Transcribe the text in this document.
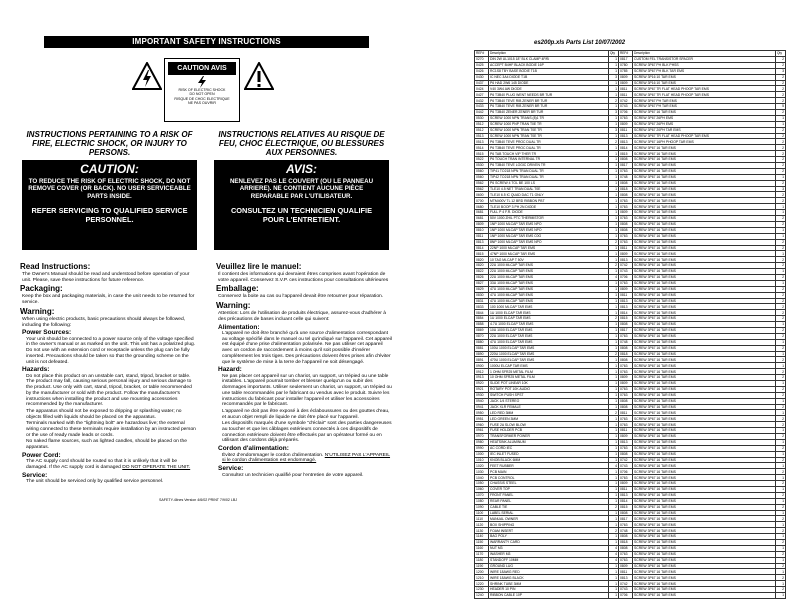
IMPORTANT SAFETY INSTRUCTIONS
CAUTION AVIS
RISK OF ELECTRIC SHOCK
DO NOT OPEN
RISQUE DE CHOC ELECTRIQUE
NE PAS OUVRIR
INSTRUCTIONS PERTAINING TO A RISK OF FIRE, ELECTRIC SHOCK, OR INJURY TO PERSONS.
INSTRUCTIONS RELATIVES AU RISQUE DE FEU, CHOC ÉLECTRIQUE, OU BLESSURES AUX PERSONNES.
CAUTION:
TO REDUCE THE RISK OF ELECTRIC SHOCK, DO NOT REMOVE COVER (OR BACK). NO USER SERVICEABLE PARTS INSIDE.
REFER SERVICING TO QUALIFIED SERVICE PERSONNEL.
AVIS:
NENLEVEZ PAS LE COUVERT (OU LE PANNEAU ARRIERE). NE CONTIENT AUCUNE PIÈCE REPARABLE PAR L'UTILISATEUR.
CONSULTEZ UN TECHNICIEN QUALIFIE POUR L'ENTRETIENT.
Read Instructions:
The Owner's Manual should be read and understood before operation of your unit. Please, save these instructions for future reference.
Packaging:
Keep the box and packaging materials, in case the unit needs to be returned for service.
Warning:
When using electric products, basic precautions should always be followed, including the following:
Power Sources:
Your unit should be connected to a power source only of the voltage specified in the owner's manual or as marked on the unit. This unit has a polarized plug. Do not use with an extension cord or receptacle unless the plug can be fully inserted. Precautions should be taken so that the grounding scheme on the unit is not defeated.
Hazards:
Do not place this product on an unstable cart, stand, tripod, bracket or table. The product may fall, causing serious personal injury and serious damage to the product. Use only with cart, stand, tripod, bracket, or table recommended by the manufacturer or sold with the product. Follow the manufacturer's instructions when installing the product and use mounting accessories recommended by the manufacturer.
The apparatus should not be exposed to dripping or splashing water; no objects filled with liquids should be placed on the apparatus.
Terminals marked with the "lightning bolt" are hazardous live; the external wiring connected to these terminals require installation by an instructed person or the use of ready made leads or cords.
No naked flame sources, such as lighted candles, should be placed on the apparatus.
Power Cord:
The AC supply cord should be routed so that it is unlikely that it will be damaged. If the AC supply cord is damaged DO NOT OPERATE THE UNIT.
Service:
The unit should be serviced only by qualified service personnel.
Veuillez lire le manuel:
Il contient des informations qui devraient êtres comprises avant l'opération de votre appareil. Conservez S.V.P. ces instructions pour consultations ultérieures
Emballage:
Conservez la boite au cas ou l'appareil devait être retourner pour réparation.
Warning:
Attention: Lors de l'utilisation de produits électrique, assurez-vous d'adhérer à des précautions de bases incluant celle qui suivent:
Alimentation:
L'appareil ne doit être branché qu'à une source d'alimentation correspondant au voltage spécifié dans le manuel ou tel qu'indiqué sur l'appareil. Cet appareil est équipé d'une prise d'alimentation polarisée. Ne pas utiliser cet appareil avec un cordon de raccordement à moins qu'il soit possible d'insérer complètement les trois tiges. Des précautions doivent êtres prises afin d'éviter que le système de mise à la terre de l'appareil ne soit désengagé.
Hazard:
Ne pas placer cet appareil sur un chariot, un support, un trépied ou une table instables. L'appareil pourrait tomber et blesser quelqu'un ou subir des dommages importants. Utiliser seulement un chariot, un support, un trépied ou une table recommandés par le fabricant ou vendus avec le produit. Suivre les instructions du fabricant pour installer l'appareil et utiliser les accessoires recommandés par le fabricant.
L'appareil ne doit pas être exposé à des éclaboussures ou des gouttes d'eau, et aucun objet rempli de liquide ne doit être placé sur l'appareil.
Les dispositifs marqués d'une symbole "d'éclair" sont des parties dangereuses au toucher et que les câblages extérieurs connectés à ces dispositifs de connection extérieure doivent être effectués par un opérateur formé ou en utilisant des cordons déjà préparés.
Cordon d'alimentation:
Évitez d'endommager le cordon d'alimentation. N'UTILISEZ PAS L'APPAREIL si le cordon d'alimentation est endommagé.
Service:
Consultez un technicien qualifié pour l'entretien de votre appareil.
SAFETY-4lines Version 4/6/02 PRINT 7/9/02 LBJ
es200p.xls Parts List 10/07/2002
REF#	Description	Qty	REF#	Description	Qty
0270	DIN 2W UL1015 18" BLK CLAMP 4P/B	1	0817	CUSTOM FEL TRANSISTOR SPACER	2
0425	ACCEPT B4HF BLACK BODIE 16P	1	0780	SCREW 3P67 PH BLK PHSS	2
0426	RC1S8 TBY BASE BODIE T1B	1	0785	SCREW 3P67 PH BLK TAR EMS	3
0430	IC NEC 3A4 DIODE T1B	3	0809	SCREW 3P16 10 TAR EMS	2
0437	P6 HAD 2W6 145 DIODE	1	0809	SCREW 3P16 10 TAR EMS	2
0424	V40 3W4 AW DIODE	1	0811	SCREW 3P67 TR FLAT HEAD PHOOP TAR EMS	2
0427	P6 T3B40 PLUG WENT NEEDS BR TUR	1	0811	SCREW 3P67 TR FLAT HEAD PHOOP TAR EMS	2
0432	P6 T3B40 TEVE RIB ZENER BR TUR	2	0742	SCREW 3P67 PH TAR EMS	2
0433	P6 T3B40 TEVE RIB ZENER BR TUR	1	0743	SCREW 3P67 PH TAR EMS	5
0442	P6 T3B40 ZENER ZENER BR TUR	3	0706	SCREW 3P67 16 TAR EMS	2
0530	SCREW 1000 NPN TRANS (8)1 TR	1	0763	SCREW 3P67 26PH EMS	1
0512	SCREW 1000 PNP TRAN T0E TR	1	0809	SCREW 3P67 26PH EMS	1
0512	SCREW 1000 NPN TRAN T0E TR	3	0811	SCREW 3P67 20PH TAR EMS	2
0513	SCREW 1000 NPN TRAN T0E TR	1	0813	SCREW 3P67 TR FLAT HEAD PHOOP TAR EMS	2
0513	P6 T3B40 TEVE PROC DUAL TR	2	0813	SCREW 3P67 16PH PHOOP TAR EMS	2
0514	P6 T3B40 TEVE PROC DUAL TR	1	0814	SCREW 3P67 16 TAR EMS	2
0515	P6 TAB TOUCH VIP THER TR	1	0815	SCREW 3P67 16 TAR EMS	2
0522	P6 TOUCH TRAN INTERNAL TR	1	0808	SCREW 3P67 16 TAR EMS	2
0530	P6 T3B40 TEVE LOGIC DRIVEN TR	1	0817	SCREW 3P67 16 TAR EMS	2
0560	TIP41 TO218 NPN TRAN DUAL TR	1	0763	SCREW 3P67 16 TAR EMS	2
0560	TIP42 TO218 NPN TRAN DUAL TR	1	0748	SCREW 3P67 16 TAR EMS	1
0562	P6 SCREW 4 TOL BE 100 LS	1	0808	SCREW 3P67 16 TAR EMS	2
0562	TLE10 4.5 NET TRAN DUAL T0E	1	0818	SCREW 3P67 16 TAR EMS	3
0600	TLE10 6.5 IC QUAD DAC T1 ONLY	1	0808	SCREW 3P67 16 TAR EMS	2
0700	MTM400V TL 12 BRD RIBBON PBT	1	0763	SCREW 3P67 16 TAR EMS	2
0680	TLE10 BOOP 3 PH 2N DIODE	1	0763	SCREW 3P67 16 TAR EMS	1
0681	FULL P 4 F.R. DIODE	1	0809	SCREW 3P67 16 TAR EMS	1
0681	50V 1000 ZHIL PTC THERMISTOR	1	0763	SCREW 3P67 16 TAR EMS	2
0809	1NP 1000 MLCAP TAR EMS NPO	1	0808	SCREW 3P67 16 TAR EMS	2
0810	1NP 1000 MLCAP TAR EMS NPO	1	0808	SCREW 3P67 16 TAR EMS	1
0811	1NP 1000 MLCAP TAR EMS C0G	1	0763	SCREW 3P67 16 TAR EMS	1
0813	8NP 1000 MLCAP TAR EMS NPO	2	0763	SCREW 3P67 16 TAR EMS	2
0814	22NP 1000 MLCAP TAR EMS	1	0811	SCREW 3P67 16 TAR EMS	2
0815	47NP 1000 MLCAP TAR EMS	1	0809	SCREW 3P67 16 TAR EMS	1
0820	10 TAG MLCAP T 50V	1	0813	SCREW 3P67 16 TAR EMS	2
0820	22U 1000 MLCAP TAR EMS	2	0742	SCREW 3P67 16 TAR EMS	2
0822	22U 1000 MLCAP TAR EMS	1	0743	SCREW 3P67 16 TAR EMS	1
0826	22U 1000 MLCAP TAR EMS	4	0706	SCREW 3P67 16 TAR EMS	2
0827	33U 1000 MLCAP TAR EMS	1	0763	SCREW 3P67 16 TAR EMS	1
0829	47U 1000 MLCAP TAR EMS	1	0809	SCREW 3P67 16 TAR EMS	2
0830	47U 1000 MLCAP TAR EMS	1	0811	SCREW 3P67 16 TAR EMS	2
0831	47U 1000 MLCAP TAR EMS	1	0813	SCREW 3P67 16 TAR EMS	2
0833	100 1000 MLCAP TAR EMS	1	0813	SCREW 3P67 16 TAR EMS	2
0844	1U 1000 ELCAP TAR EMS	1	0814	SCREW 3P67 16 TAR EMS	2
0854	1U 1000 ELCAP TAR EMS	2	0815	SCREW 3P67 16 TAR EMS	2
0858	4.7U 1000 ELCAP TAR EMS	1	0808	SCREW 3P67 16 TAR EMS	1
0869	10U 1000 ELCAP TAR EMS	1	0817	SCREW 3P67 16 TAR EMS	2
0870	22U 1000 ELCAP TAR EMS	1	0763	SCREW 3P67 16 TAR EMS	2
0880	47U 1000 ELCAP TAR EMS	1	0748	SCREW 3P67 16 TAR EMS	1
0881	100U 1000 ELCAP TAR EMS	1	0808	SCREW 3P67 16 TAR EMS	2
0890	220U 1000 ELCAP TAR EMS	2	0818	SCREW 3P67 16 TAR EMS	1
0891	470U 1000 ELCAP TAR EMS	1	0808	SCREW 3P67 16 TAR EMS	2
0900	1000U ELCAP TAR EMS	1	0763	SCREW 3P67 16 TAR EMS	1
0912	1 OHM SFR25 METAL FILM	1	0763	SCREW 3P67 16 TAR EMS	2
0913	10 OHM SFR25 METAL FILM	1	0809	SCREW 3P67 16 TAR EMS	2
0920	SLIDE POT LINEAR 10K	1	0809	SCREW 3P67 16 TAR EMS	1
0921	ROTARY POT 10K AUDIO	1	0763	SCREW 3P67 16 TAR EMS	2
0930	SWITCH PUSH SPST	1	0763	SCREW 3P67 16 TAR EMS	2
0940	JACK 1/4 STEREO	1	0808	SCREW 3P67 16 TAR EMS	1
0941	JACK XLR FEMALE	1	0808	SCREW 3P67 16 TAR EMS	2
0950	LED RED 3MM	2	0811	SCREW 3P67 16 TAR EMS	1
0951	LED GREEN 3MM	1	0763	SCREW 3P67 16 TAR EMS	2
0960	FUSE 2A SLOW BLOW	1	0763	SCREW 3P67 16 TAR EMS	2
0961	FUSE HOLDER PCB	1	0811	SCREW 3P67 16 TAR EMS	1
0970	TRANSFORMER POWER	1	0809	SCREW 3P67 16 TAR EMS	2
0980	HEATSINK ALUMINUM	1	0813	SCREW 3P67 16 TAR EMS	1
0990	AC CORD IEC	1	0763	SCREW 3P67 16 TAR EMS	2
1000	IEC INLET FUSED	1	0808	SCREW 3P67 16 TAR EMS	1
1010	KNOB BLACK 6MM	1	0742	SCREW 3P67 16 TAR EMS	2
1020	FEET RUBBER	4	0743	SCREW 3P67 16 TAR EMS	1
1030	PCB MAIN	1	0706	SCREW 3P67 16 TAR EMS	2
1040	PCB CONTROL	1	0763	SCREW 3P67 16 TAR EMS	1
1050	CHASSIS STEEL	1	0809	SCREW 3P67 16 TAR EMS	2
1060	COVER TOP	1	0811	SCREW 3P67 16 TAR EMS	1
1070	FRONT PANEL	1	0813	SCREW 3P67 16 TAR EMS	2
1080	REAR PANEL	1	0814	SCREW 3P67 16 TAR EMS	1
1090	CABLE TIE	2	0815	SCREW 3P67 16 TAR EMS	2
1100	LABEL SERIAL	1	0808	SCREW 3P67 16 TAR EMS	1
1110	MANUAL OWNER	1	0817	SCREW 3P67 16 TAR EMS	2
1120	BOX SHIPPING	1	0763	SCREW 3P67 16 TAR EMS	1
1130	FOAM INSERT	2	0748	SCREW 3P67 16 TAR EMS	2
1140	BAG POLY	1	0808	SCREW 3P67 16 TAR EMS	1
1150	WARRANTY CARD	1	0818	SCREW 3P67 16 TAR EMS	2
1160	NUT M3	4	0808	SCREW 3P67 16 TAR EMS	1
1170	WASHER M3	4	0763	SCREW 3P67 16 TAR EMS	2
1180	STANDOFF 10MM	4	0763	SCREW 3P67 16 TAR EMS	1
1190	GROUND LUG	1	0809	SCREW 3P67 16 TAR EMS	2
1200	WIRE 18AWG RED	1	0811	SCREW 3P67 16 TAR EMS	1
1210	WIRE 18AWG BLACK	1	0813	SCREW 3P67 16 TAR EMS	2
1220	SHRINK TUBE 3MM	1	0742	SCREW 3P67 16 TAR EMS	1
1230	HEADER 10 PIN	1	0743	SCREW 3P67 16 TAR EMS	2
1240	RIBBON CABLE 10P	1	0706	SCREW 3P67 16 TAR EMS	1
